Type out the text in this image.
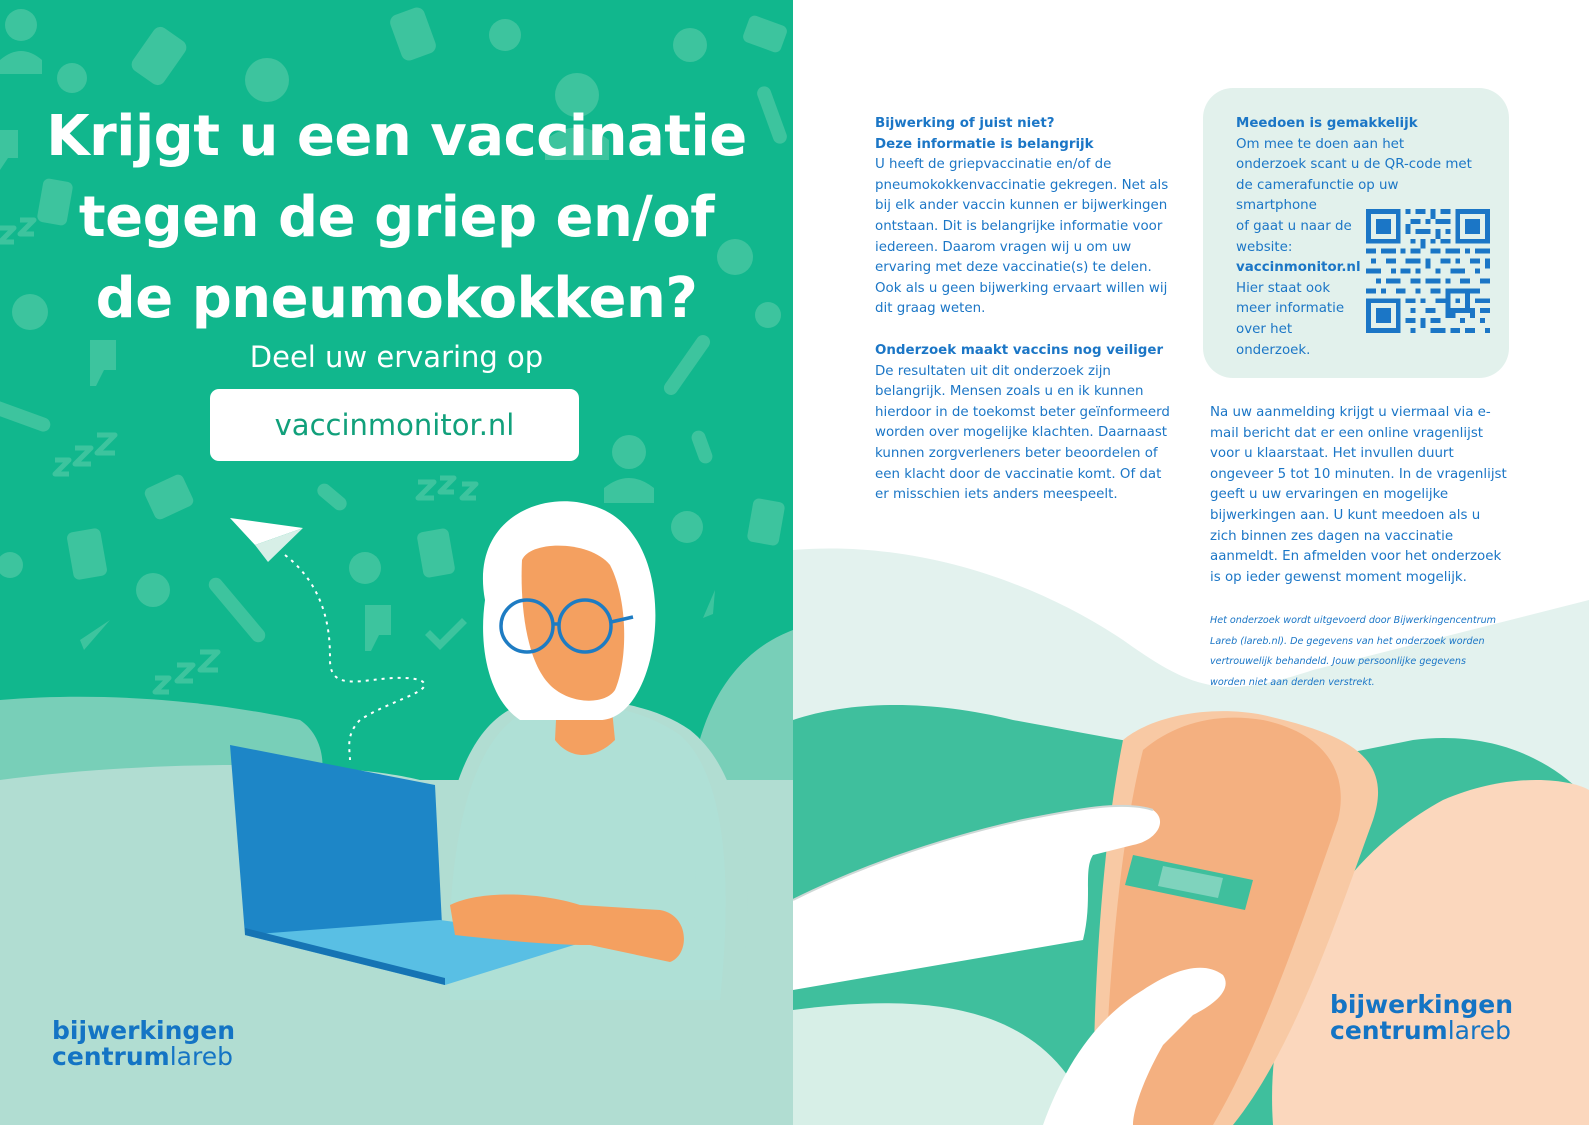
Krijgt u een vaccinatie
tegen de griep en/of
de pneumokokken?
Deel uw ervaring op
vaccinmonitor.nl
bijwerkingen
centrumlareb
Bijwerking of juist niet?
Deze informatie is belangrijk

U heeft de griepvaccinatie en/of de pneumokokkenvaccinatie gekregen. Net als bij elk ander vaccin kunnen er bijwerkingen ontstaan. Dit is belangrijke informatie voor iedereen. Daarom vragen wij u om uw ervaring met deze vaccinatie(s) te delen. Ook als u geen bijwerking ervaart willen wij dit graag weten.

Onderzoek maakt vaccins nog veiliger

De resultaten uit dit onderzoek zijn belangrijk. Mensen zoals u en ik kunnen hierdoor in de toekomst beter geïnformeerd worden over mogelijke klachten. Daarnaast kunnen zorgverleners beter beoordelen of een klacht door de vaccinatie komt. Of dat er misschien iets anders meespeelt.

Meedoen is gemakkelijk

Om mee te doen aan het onderzoek scant u de QR-code met de camerafunctie op uw smartphone

of gaat u naar de website:

vaccinmonitor.nl

Hier staat ook meer informatie over het onderzoek.

Na uw aanmelding krijgt u viermaal via e-mail bericht dat er een online vragenlijst voor u klaarstaat. Het invullen duurt ongeveer 5 tot 10 minuten. In de vragenlijst geeft u uw ervaringen en mogelijke bijwerkingen aan. U kunt meedoen als u zich binnen zes dagen na vaccinatie aanmeldt. En afmelden voor het onderzoek is op ieder gewenst moment mogelijk.

Het onderzoek wordt uitgevoerd door Bijwerkingencentrum Lareb (lareb.nl). De gegevens van het onderzoek worden vertrouwelijk behandeld. Jouw persoonlijke gegevens worden niet aan derden verstrekt.
bijwerkingen
centrumlareb
